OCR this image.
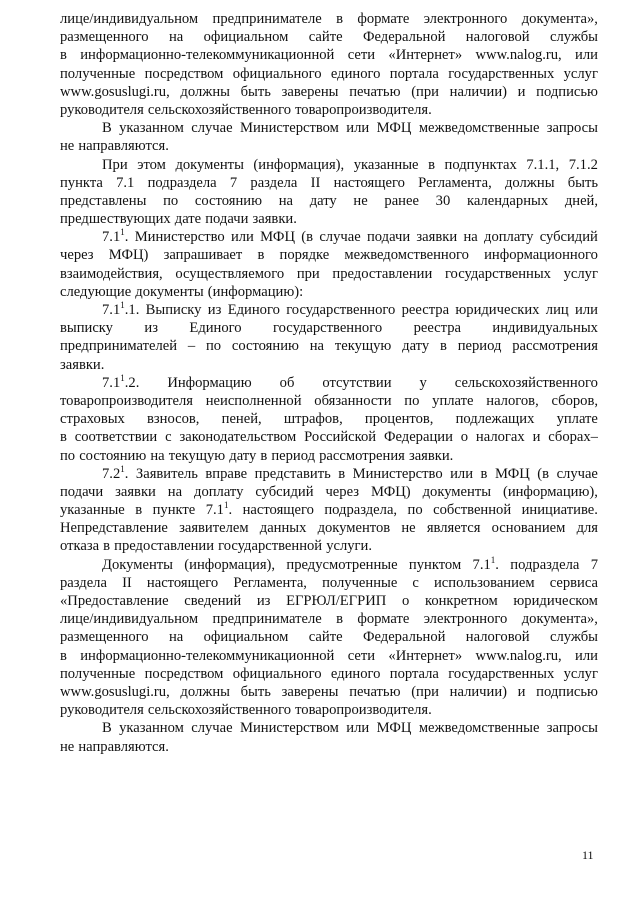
лице/индивидуальном предпринимателе в формате электронного документа»,
размещенного на официальном сайте Федеральной налоговой службы
в информационно-телекоммуникационной сети «Интернет» www.nalog.ru, или
полученные посредством официального единого портала государственных услуг
www.gosuslugi.ru, должны быть заверены печатью (при наличии) и подписью
руководителя сельскохозяйственного товаропроизводителя.
В указанном случае Министерством или МФЦ межведомственные запросы
не направляются.
При этом документы (информация), указанные в подпунктах 7.1.1, 7.1.2
пункта 7.1 подраздела 7 раздела II настоящего Регламента, должны быть
представлены по состоянию на дату не ранее 30 календарных дней,
предшествующих дате подачи заявки.
$7.1^1$. Министерство или МФЦ (в случае подачи заявки на доплату субсидий
через МФЦ) запрашивает в порядке межведомственного информационного
взаимодействия, осуществляемого при предоставлении государственных услуг
следующие документы (информацию):
$7.1^1.1$. Выписку из Единого государственного реестра юридических лиц или
выписку из Единого государственного реестра индивидуальных
предпринимателей – по состоянию на текущую дату в период рассмотрения
заявки.
$7.1^1.2$. Информацию об отсутствии у сельскохозяйственного
товаропроизводителя неисполненной обязанности по уплате налогов, сборов,
страховых взносов, пеней, штрафов, процентов, подлежащих уплате
в соответствии с законодательством Российской Федерации о налогах и сборах–
по состоянию на текущую дату в период рассмотрения заявки.
$7.2^1$. Заявитель вправе представить в Министерство или в МФЦ (в случае
подачи заявки на доплату субсидий через МФЦ) документы (информацию),
указанные в пункте $7.1^1$. настоящего подраздела, по собственной инициативе.
Непредставление заявителем данных документов не является основанием для
отказа в предоставлении государственной услуги.
Документы (информация), предусмотренные пунктом $7.1^1$. подраздела 7
раздела II настоящего Регламента, полученные с использованием сервиса
«Предоставление сведений из ЕГРЮЛ/ЕГРИП о конкретном юридическом
лице/индивидуальном предпринимателе в формате электронного документа»,
размещенного на официальном сайте Федеральной налоговой службы
в информационно-телекоммуникационной сети «Интернет» www.nalog.ru, или
полученные посредством официального единого портала государственных услуг
www.gosuslugi.ru, должны быть заверены печатью (при наличии) и подписью
руководителя сельскохозяйственного товаропроизводителя.
В указанном случае Министерством или МФЦ межведомственные запросы
не направляются.
11
